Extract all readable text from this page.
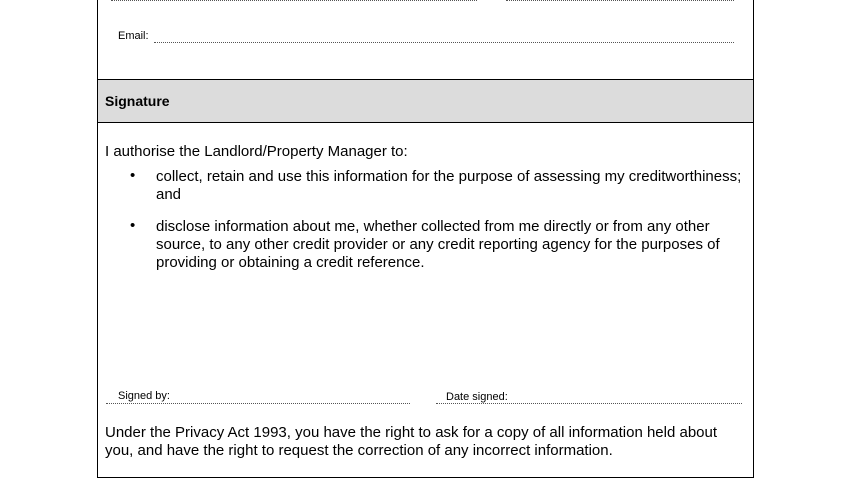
Email:
Signature
I authorise the Landlord/Property Manager to:
• collect, retain and use this information for the purpose of assessing my creditworthiness; and
• disclose information about me, whether collected from me directly or from any other source, to any other credit provider or any credit reporting agency for the purposes of providing or obtaining a credit reference.
Signed by:	Date signed:
Under the Privacy Act 1993, you have the right to ask for a copy of all information held about you, and have the right to request the correction of any incorrect information.
